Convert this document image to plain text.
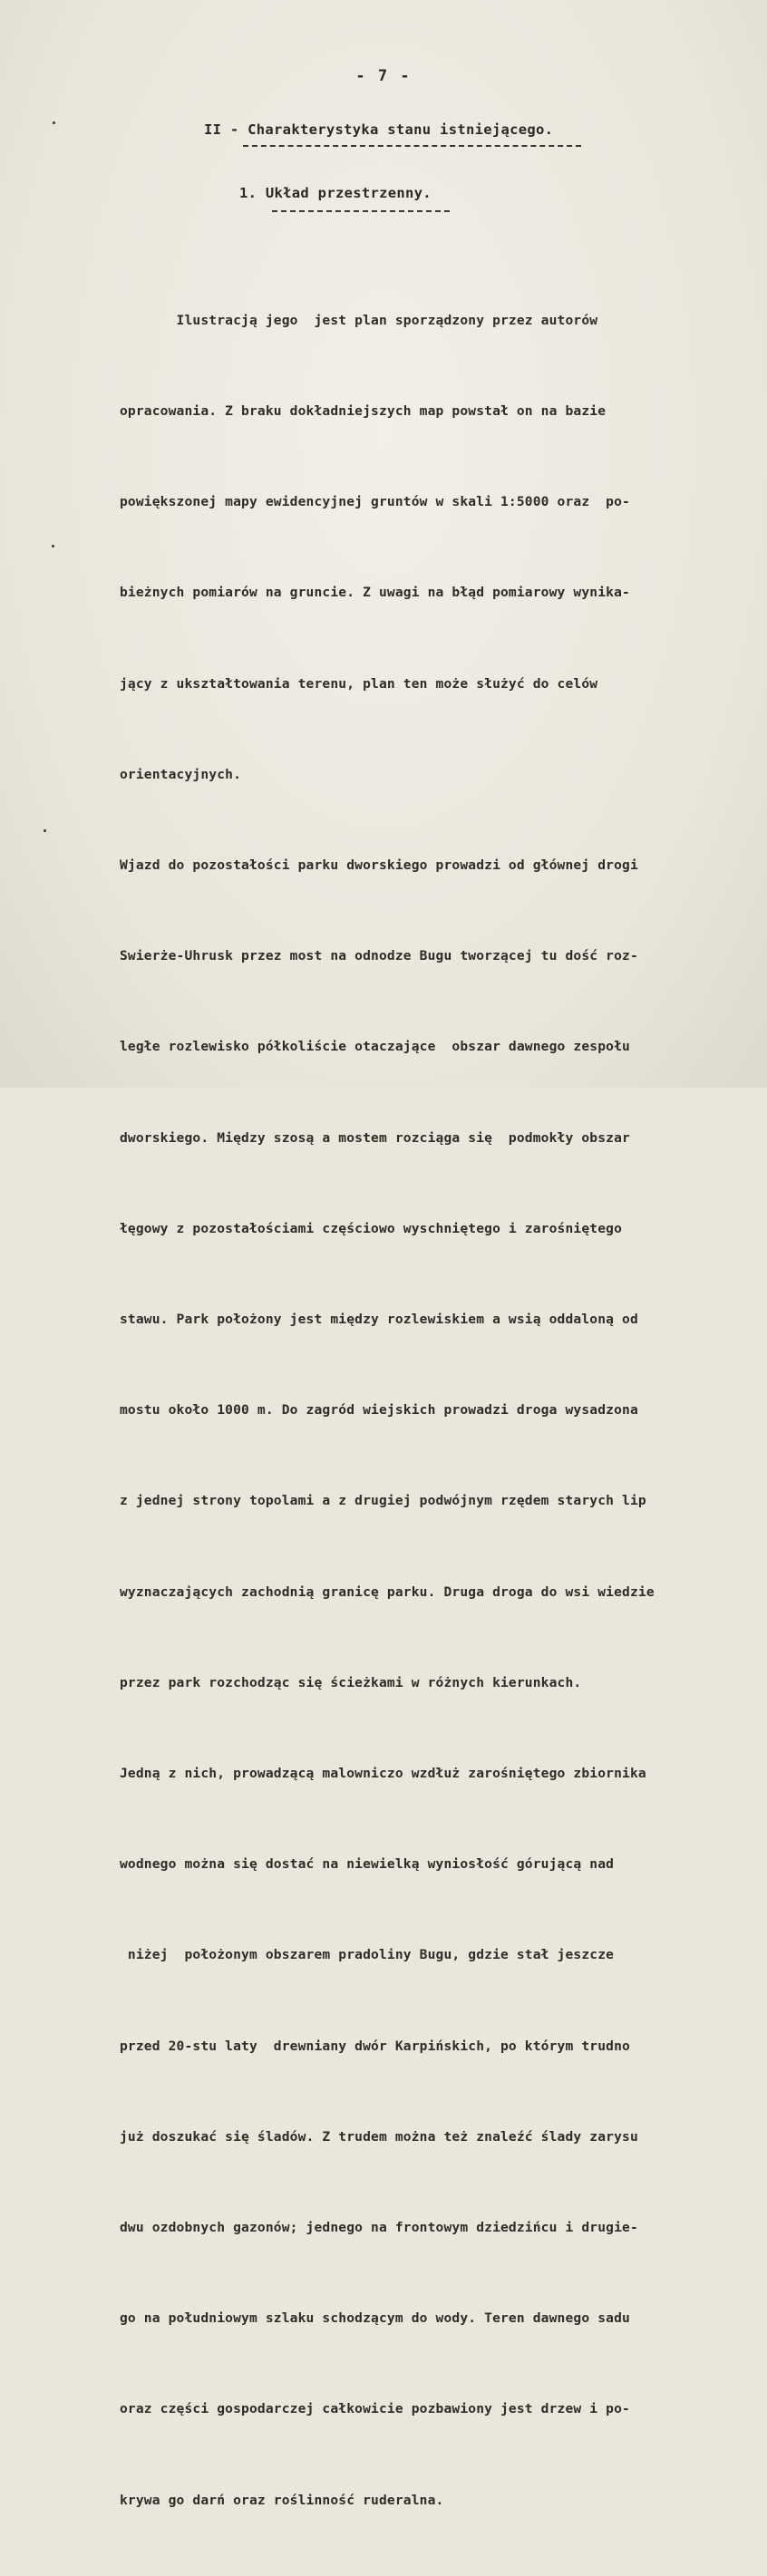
- 7 -
II - Charakterystyka stanu istniejącego.
1. Układ przestrzenny.

Ilustracją jego  jest plan sporządzony przez autorów

opracowania. Z braku dokładniejszych map powstał on na bazie

powiększonej mapy ewidencyjnej gruntów w skali 1:5000 oraz  po-

bieżnych pomiarów na gruncie. Z uwagi na błąd pomiarowy wynika-

jący z ukształtowania terenu, plan ten może służyć do celów

orientacyjnych.

Wjazd do pozostałości parku dworskiego prowadzi od głównej drogi

Swierże-Uhrusk przez most na odnodze Bugu tworzącej tu dość roz-

ległe rozlewisko półkoliście otaczające  obszar dawnego zespołu

dworskiego. Między szosą a mostem rozciąga się  podmokły obszar

łęgowy z pozostałościami częściowo wyschniętego i zarośniętego

stawu. Park położony jest między rozlewiskiem a wsią oddaloną od

mostu około 1000 m. Do zagród wiejskich prowadzi droga wysadzona

z jednej strony topolami a z drugiej podwójnym rzędem starych lip

wyznaczających zachodnią granicę parku. Druga droga do wsi wiedzie

przez park rozchodząc się ścieżkami w różnych kierunkach.

Jedną z nich, prowadzącą malowniczo wzdłuż zarośniętego zbiornika

wodnego można się dostać na niewielką wyniosłość górującą nad

niżej  położonym obszarem pradoliny Bugu, gdzie stał jeszcze

przed 20-stu laty  drewniany dwór Karpińskich, po którym trudno

już doszukać się śladów. Z trudem można też znaleźć ślady zarysu

dwu ozdobnych gazonów; jednego na frontowym dziedzińcu i drugie-

go na południowym szlaku schodzącym do wody. Teren dawnego sadu

oraz części gospodarczej całkowicie pozbawiony jest drzew i po-

krywa go darń oraz roślinność ruderalna.
